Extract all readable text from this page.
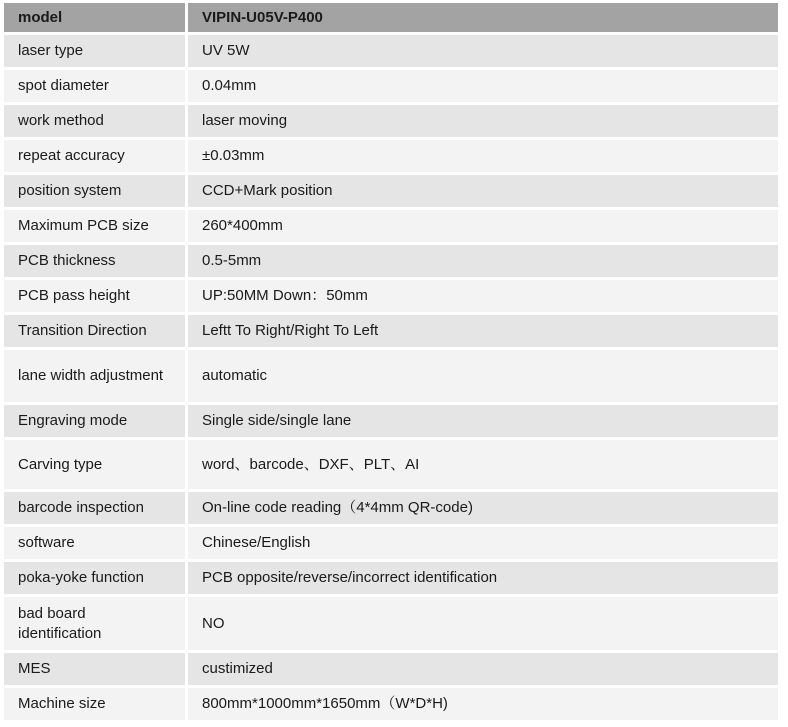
model	VIPIN-U05V-P400
laser type	UV 5W
spot diameter	0.04mm
work method	laser moving
repeat accuracy	±0.03mm
position system	CCD+Mark position
Maximum PCB size	260*400mm
PCB thickness	0.5-5mm
PCB pass height	UP:50MM Down：50mm
Transition Direction	Leftt To Right/Right To Left
lane width adjustment	automatic
Engraving mode	Single side/single lane
Carving type	word、barcode、DXF、PLT、AI
barcode inspection	On-line code reading（4*4mm QR-code)
software	Chinese/English
poka-yoke function	PCB opposite/reverse/incorrect identification
bad board identification	NO
MES	custimized
Machine size	800mm*1000mm*1650mm（W*D*H)
